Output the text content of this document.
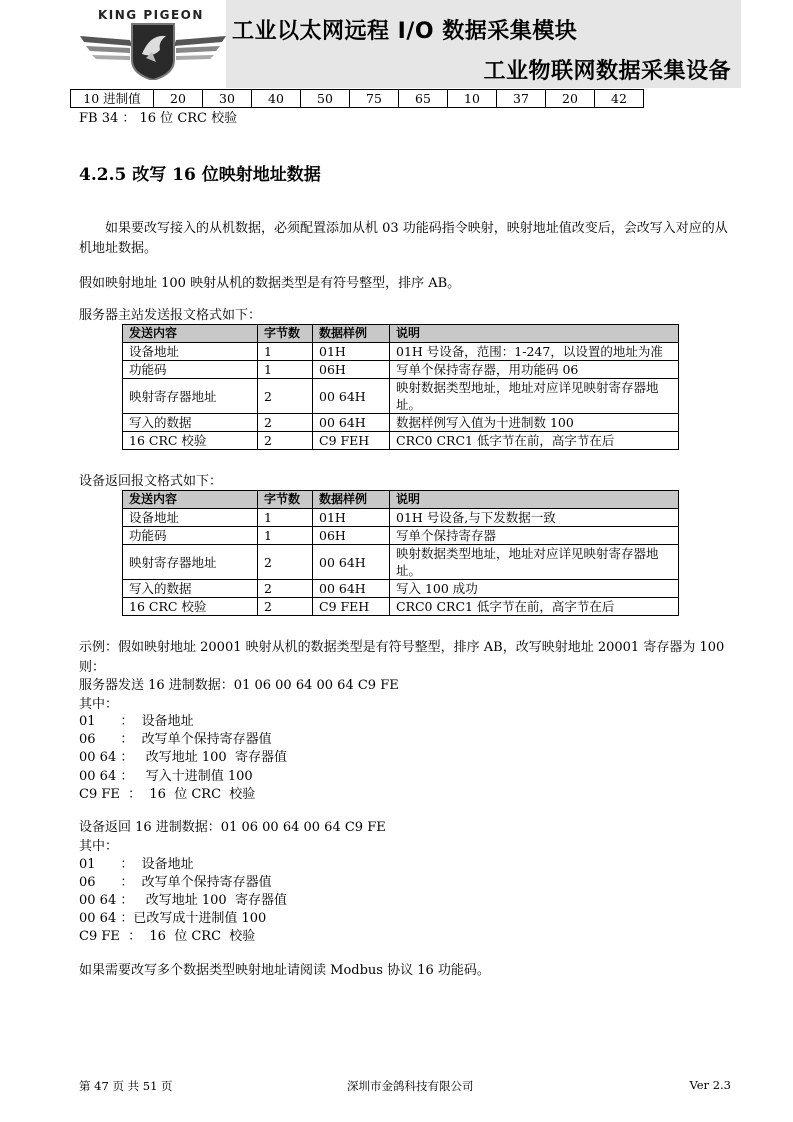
KING PIGEON
工业以太网远程 I/O 数据采集模块
工业物联网数据采集设备
10 进制值	20	30	40	50	75	65	10	37	20	42
FB 34 ： 16 位 CRC 校验
4.2.5 改写 16 位映射地址数据
如果要改写接入的从机数据，必须配置添加从机 03 功能码指令映射，映射地址值改变后，会改写入对应的从机地址数据。
假如映射地址 100 映射从机的数据类型是有符号整型，排序 AB。
服务器主站发送报文格式如下：
发送内容	字节数	数据样例	说明
设备地址	1	01H	01H 号设备，范围：1-247，以设置的地址为准
功能码	1	06H	写单个保持寄存器，用功能码 06
映射寄存器地址	2	00 64H	映射数据类型地址，地址对应详见映射寄存器地址。
写入的数据	2	00 64H	数据样例写入值为十进制数 100
16 CRC 校验	2	C9 FEH	CRC0 CRC1 低字节在前，高字节在后
设备返回报文格式如下：
发送内容	字节数	数据样例	说明
设备地址	1	01H	01H 号设备,与下发数据一致
功能码	1	06H	写单个保持寄存器
映射寄存器地址	2	00 64H	映射数据类型地址，地址对应详见映射寄存器地址。
写入的数据	2	00 64H	写入 100 成功
16 CRC 校验	2	C9 FEH	CRC0 CRC1 低字节在前，高字节在后
示例：假如映射地址 20001 映射从机的数据类型是有符号整型，排序 AB，改写映射地址 20001 寄存器为 100 则：
服务器发送 16 进制数据：01 06 00 64 00 64 C9 FE
其中：
01      ：  设备地址
06      ：  改写单个保持寄存器值
00 64 ：   改写地址 100  寄存器值
00 64 ：   写入十进制值 100
C9 FE  ：  16  位 CRC  校验
设备返回 16 进制数据：01 06 00 64 00 64 C9 FE
其中：
01      ：  设备地址
06      ：  改写单个保持寄存器值
00 64 ：   改写地址 100  寄存器值
00 64 ：已改写成十进制值 100
C9 FE  ：  16  位 CRC  校验
如果需要改写多个数据类型映射地址请阅读 Modbus 协议 16 功能码。
第 47 页 共 51 页	深圳市金鸽科技有限公司	Ver 2.3
